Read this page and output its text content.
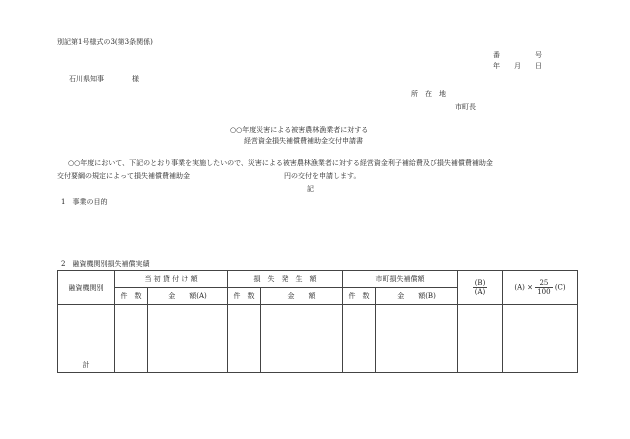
別記第1号様式の3(第3条関係)
番　　　　　号
年　　月　　日
石川県知事　　　　様
所　在　地
市町長
○○年度災害による被害農林漁業者に対する
経営資金損失補償費補助金交付申請書
○○年度において、下記のとおり事業を実施したいので、災害による被害農林漁業者に対する経営資金利子補給費及び損失補償費補助金
交付要綱の規定によって損失補償費補助金	円の交付を申請します。
記
1　事業の目的
2　融資機関別損失補償実績
融資機関別	当 初 貸 付 け 額		損　失　発　生　額		市町損失補償額		$\frac{(B)}{(A)}$	$(A) \times \frac{25}{100} (C)$
	件　数	金　　額(A)	件　数	金　　額	件　数	金　　額(B)		
計								
